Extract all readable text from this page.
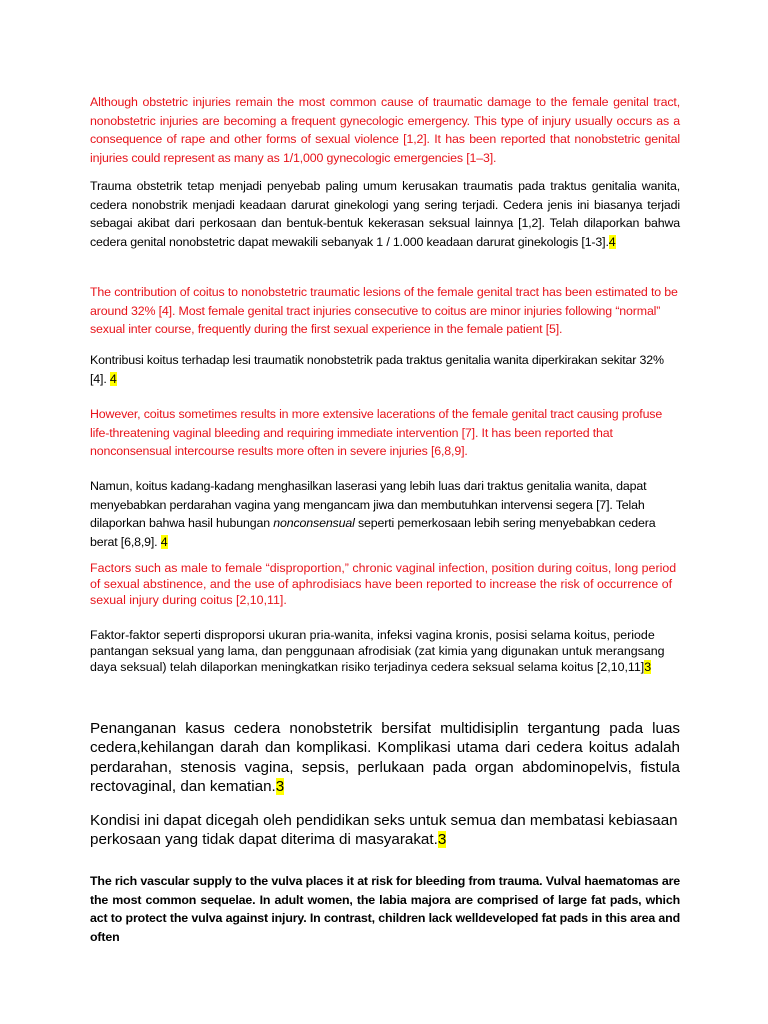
Although obstetric injuries remain the most common cause of traumatic damage to the female genital tract, nonobstetric injuries are becoming a frequent gynecologic emergency. This type of injury usually occurs as a consequence of rape and other forms of sexual violence [1,2]. It has been reported that nonobstetric genital injuries could represent as many as 1/1,000 gynecologic emergencies [1–3].

Trauma obstetrik tetap menjadi penyebab paling umum kerusakan traumatis pada traktus genitalia wanita, cedera nonobstrik menjadi keadaan darurat ginekologi yang sering terjadi. Cedera jenis ini biasanya terjadi sebagai akibat dari perkosaan dan bentuk-bentuk kekerasan seksual lainnya [1,2]. Telah dilaporkan bahwa cedera genital nonobstetric dapat mewakili sebanyak 1 / 1.000 keadaan darurat ginekologis [1-3].4

The contribution of coitus to nonobstetric traumatic lesions of the female genital tract has been estimated to be around 32% [4]. Most female genital tract injuries consecutive to coitus are minor injuries following “normal” sexual inter course, frequently during the first sexual experience in the female patient [5].

Kontribusi koitus terhadap lesi traumatik nonobstetrik pada traktus genitalia wanita diperkirakan sekitar 32% [4]. 4

However, coitus sometimes results in more extensive lacerations of the female genital tract causing profuse life-threatening vaginal bleeding and requiring immediate intervention [7]. It has been reported that nonconsensual intercourse results more often in severe injuries [6,8,9].

Namun, koitus kadang-kadang menghasilkan laserasi yang lebih luas dari traktus genitalia wanita, dapat menyebabkan perdarahan vagina yang mengancam jiwa dan membutuhkan intervensi segera [7]. Telah dilaporkan bahwa hasil hubungan nonconsensual seperti pemerkosaan lebih sering menyebabkan cedera berat [6,8,9]. 4

Factors such as male to female “disproportion,” chronic vaginal infection, position during coitus, long period of sexual abstinence, and the use of aphrodisiacs have been reported to increase the risk of occurrence of sexual injury during coitus [2,10,11].

Faktor-faktor seperti disproporsi ukuran pria-wanita, infeksi vagina kronis, posisi selama koitus, periode pantangan seksual yang lama, dan penggunaan afrodisiak (zat kimia yang digunakan untuk merangsang daya seksual) telah dilaporkan meningkatkan risiko terjadinya cedera seksual selama koitus [2,10,11]3

Penanganan kasus cedera nonobstetrik bersifat multidisiplin tergantung pada luas cedera,kehilangan darah dan komplikasi. Komplikasi utama dari cedera koitus adalah perdarahan, stenosis vagina, sepsis, perlukaan pada organ abdominopelvis, fistula rectovaginal, dan kematian.3

Kondisi ini dapat dicegah oleh pendidikan seks untuk semua dan membatasi kebiasaan perkosaan yang tidak dapat diterima di masyarakat.3

The rich vascular supply to the vulva places it at risk for bleeding from trauma. Vulval haematomas are the most common sequelae. In adult women, the labia majora are comprised of large fat pads, which act to protect the vulva against injury. In contrast, children lack welldeveloped fat pads in this area and often
